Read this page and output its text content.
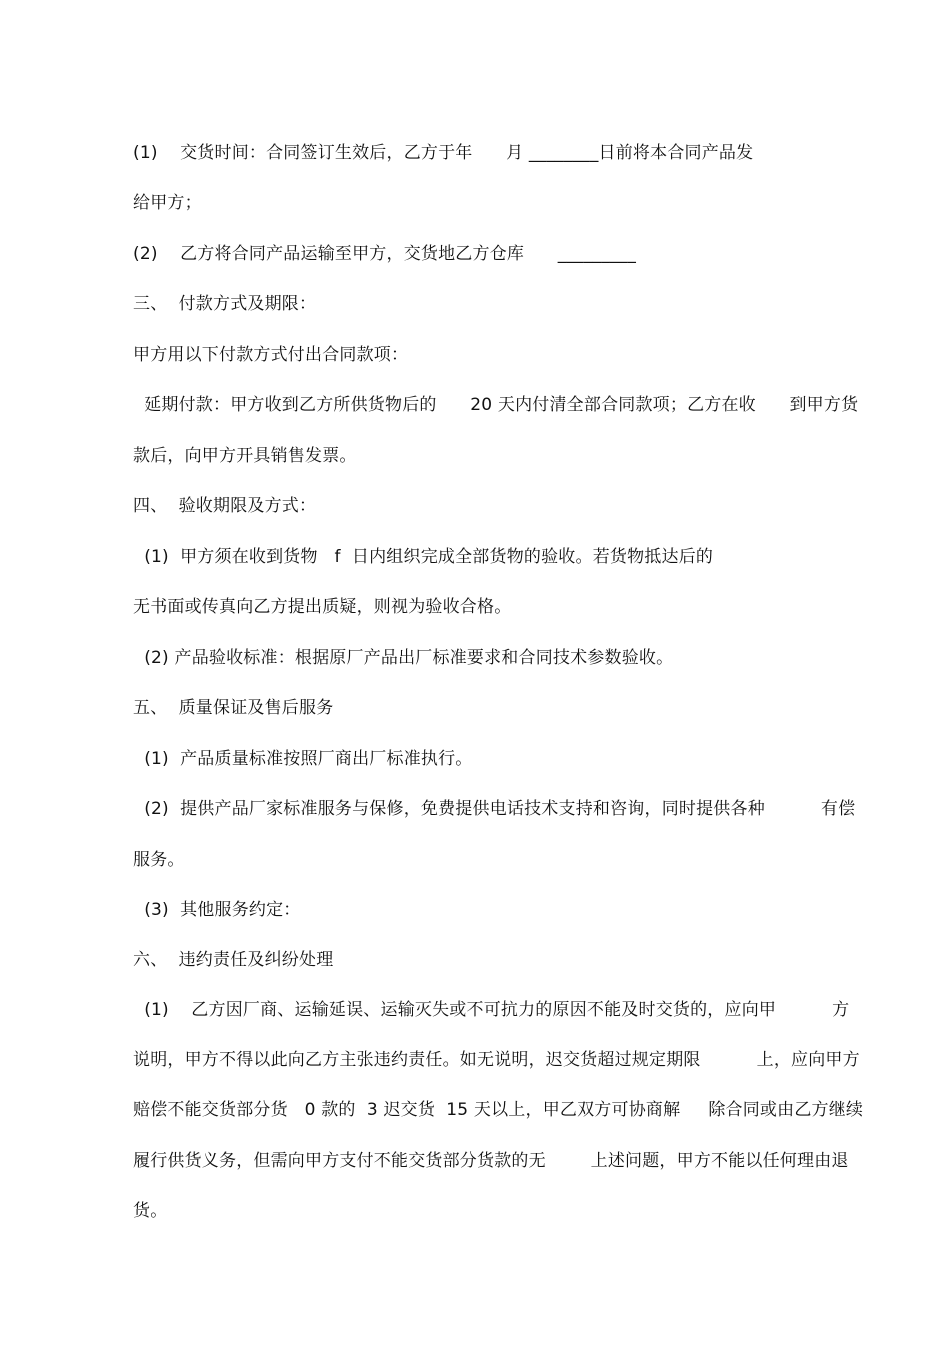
(1)    交货时间：合同签订生效后，乙方于年      月 ________日前将本合同产品发
给甲方；
(2)    乙方将合同产品运输至甲方，交货地乙方仓库      _________
三、  付款方式及期限：
甲方用以下付款方式付出合同款项：
延期付款：甲方收到乙方所供货物后的      20 天内付清全部合同款项；乙方在收      到甲方货
款后，向甲方开具销售发票。
四、  验收期限及方式：
(1)  甲方须在收到货物   f  日内组织完成全部货物的验收。若货物抵达后的
无书面或传真向乙方提出质疑，则视为验收合格。
(2) 产品验收标准：根据原厂产品出厂标准要求和合同技术参数验收。
五、  质量保证及售后服务
(1)  产品质量标准按照厂商出厂标准执行。
(2)  提供产品厂家标准服务与保修，免费提供电话技术支持和咨询，同时提供各种          有偿
服务。
(3)  其他服务约定：
六、  违约责任及纠纷处理
(1)    乙方因厂商、运输延误、运输灭失或不可抗力的原因不能及时交货的，应向甲          方
说明，甲方不得以此向乙方主张违约责任。如无说明，迟交货超过规定期限          上，应向甲方
赔偿不能交货部分货   0 款的  3 迟交货  15 天以上，甲乙双方可协商解     除合同或由乙方继续
履行供货义务，但需向甲方支付不能交货部分货款的无        上述问题，甲方不能以任何理由退
货。
